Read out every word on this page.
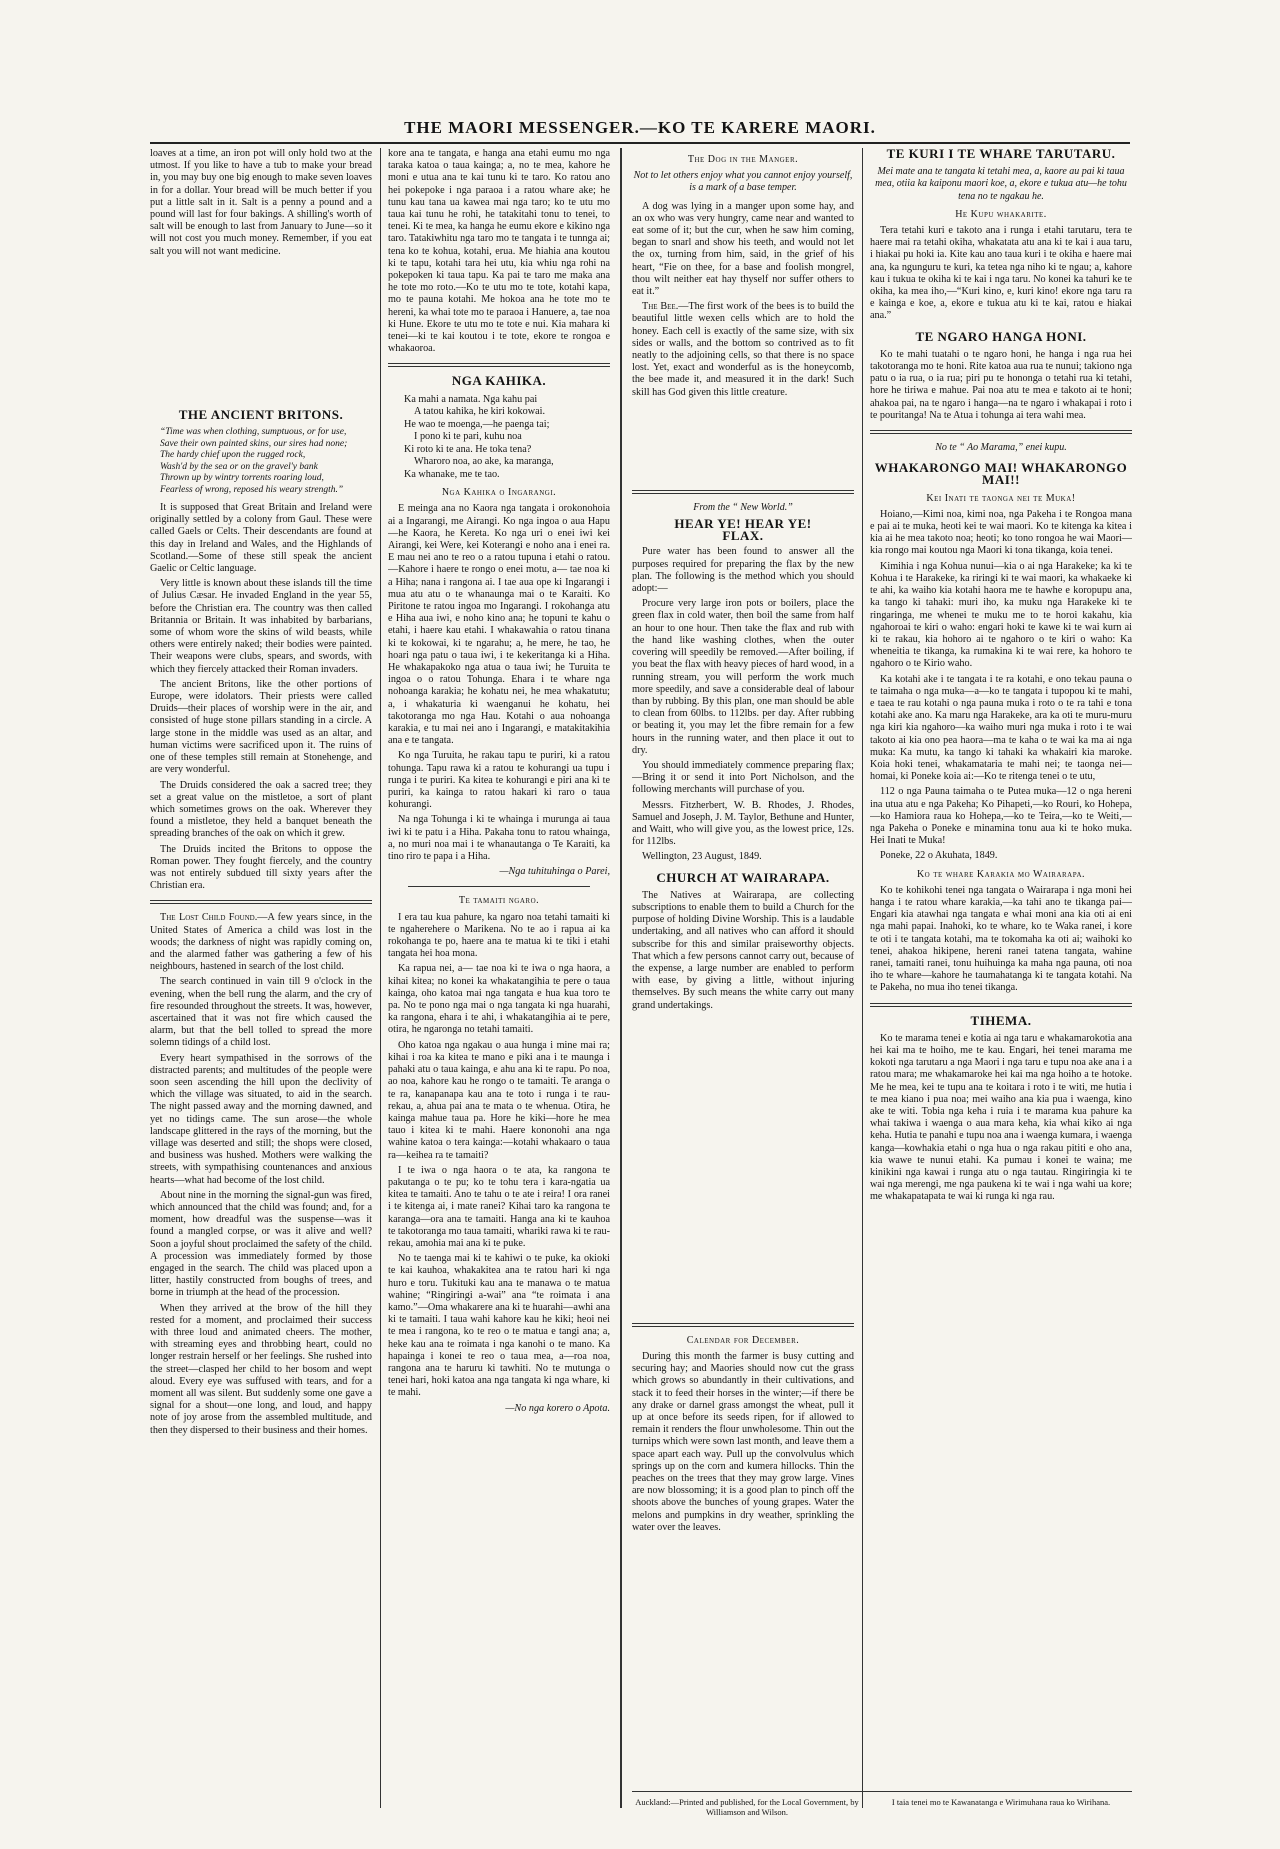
THE MAORI MESSENGER.—KO TE KARERE MAORI.

loaves at a time, an iron pot will only hold two at the utmost. If you like to have a tub to make your bread in, you may buy one big enough to make seven loaves in for a dollar. Your bread will be much better if you put a little salt in it. Salt is a penny a pound and a pound will last for four bakings. A shilling's worth of salt will be enough to last from January to June—so it will not cost you much money. Remember, if you eat salt you will not want medicine.

THE ANCIENT BRITONS.
“Time was when clothing, sumptuous, or for use,
Save their own painted skins, our sires had none;
The hardy chief upon the rugged rock,
Wash'd by the sea or on the gravel'y bank
Thrown up by wintry torrents roaring loud,
Fearless of wrong, reposed his weary strength.”

It is supposed that Great Britain and Ireland were originally settled by a colony from Gaul. These were called Gaels or Celts. Their descendants are found at this day in Ireland and Wales, and the Highlands of Scotland.—Some of these still speak the ancient Gaelic or Celtic language.

Very little is known about these islands till the time of Julius Cæsar. He invaded England in the year 55, before the Christian era. The country was then called Britannia or Britain. It was inhabited by barbarians, some of whom wore the skins of wild beasts, while others were entirely naked; their bodies were painted. Their weapons were clubs, spears, and swords, with which they fiercely attacked their Roman invaders.

The ancient Britons, like the other portions of Europe, were idolators. Their priests were called Druids—their places of worship were in the air, and consisted of huge stone pillars standing in a circle. A large stone in the middle was used as an altar, and human victims were sacrificed upon it. The ruins of one of these temples still remain at Stonehenge, and are very wonderful.

The Druids considered the oak a sacred tree; they set a great value on the mistletoe, a sort of plant which sometimes grows on the oak. Wherever they found a mistletoe, they held a banquet beneath the spreading branches of the oak on which it grew.

The Druids incited the Britons to oppose the Roman power. They fought fiercely, and the country was not entirely subdued till sixty years after the Christian era.

The Lost Child Found.—A few years since, in the United States of America a child was lost in the woods; the darkness of night was rapidly coming on, and the alarmed father was gathering a few of his neighbours, hastened in search of the lost child.

The search continued in vain till 9 o'clock in the evening, when the bell rung the alarm, and the cry of fire resounded throughout the streets. It was, however, ascertained that it was not fire which caused the alarm, but that the bell tolled to spread the more solemn tidings of a child lost.

Every heart sympathised in the sorrows of the distracted parents; and multitudes of the people were soon seen ascending the hill upon the declivity of which the village was situated, to aid in the search. The night passed away and the morning dawned, and yet no tidings came. The sun arose—the whole landscape glittered in the rays of the morning, but the village was deserted and still; the shops were closed, and business was hushed. Mothers were walking the streets, with sympathising countenances and anxious hearts—what had become of the lost child.

About nine in the morning the signal-gun was fired, which announced that the child was found; and, for a moment, how dreadful was the suspense—was it found a mangled corpse, or was it alive and well? Soon a joyful shout proclaimed the safety of the child. A procession was immediately formed by those engaged in the search. The child was placed upon a litter, hastily constructed from boughs of trees, and borne in triumph at the head of the procession.

When they arrived at the brow of the hill they rested for a moment, and proclaimed their success with three loud and animated cheers. The mother, with streaming eyes and throbbing heart, could no longer restrain herself or her feelings. She rushed into the street—clasped her child to her bosom and wept aloud. Every eye was suffused with tears, and for a moment all was silent. But suddenly some one gave a signal for a shout—one long, and loud, and happy note of joy arose from the assembled multitude, and then they dispersed to their business and their homes.

kore ana te tangata, e hanga ana etahi eumu mo nga taraka katoa o taua kainga; a, no te mea, kahore he moni e utua ana te kai tunu ki te taro. Ko ratou ano hei pokepoke i nga paraoa i a ratou whare ake; he tunu kau tana ua kawea mai nga taro; ko te utu mo taua kai tunu he rohi, he tatakitahi tonu to tenei, to tenei. Ki te mea, ka hanga he eumu ekore e kikino nga taro. Tatakiwhitu nga taro mo te tangata i te tunnga ai; tena ko te kohua, kotahi, erua. Me hiahia ana koutou ki te tapu, kotahi tara hei utu, kia whiu nga rohi na pokepoken ki taua tapu. Ka pai te taro me maka ana he tote mo roto.—Ko te utu mo te tote, kotahi kapa, mo te pauna kotahi. Me hokoa ana he tote mo te hereni, ka whai tote mo te paraoa i Hanuere, a, tae noa ki Hune. Ekore te utu mo te tote e nui. Kia mahara ki tenei—ki te kai koutou i te tote, ekore te rongoa e whakaoroa.

NGA KAHIKA.
Ka mahi a namata. Nga kahu pai
A tatou kahika, he kiri kokowai.
He wao te moenga,—he paenga tai;
I pono ki te pari, kuhu noa
Ki roto ki te ana. He toka tena?
Wharoro noa, ao ake, ka maranga,
Ka whanake, me te tao.
Nga Kahika o Ingarangi.

E meinga ana no Kaora nga tangata i orokonohoia ai a Ingarangi, me Airangi. Ko nga ingoa o aua Hapu—he Kaora, he Kereta. Ko nga uri o enei iwi kei Airangi, kei Were, kei Koterangi e noho ana i enei ra. E mau nei ano te reo o a ratou tupuna i etahi o ratou.—Kahore i haere te rongo o enei motu, a— tae noa ki a Hiha; nana i rangona ai. I tae aua ope ki Ingarangi i mua atu atu o te whanaunga mai o te Karaiti. Ko Piritone te ratou ingoa mo Ingarangi. I rokohanga atu e Hiha aua iwi, e noho kino ana; he topuni te kahu o etahi, i haere kau etahi. I whakawahia o ratou tinana ki te kokowai, ki te ngarahu; a, he mere, he tao, he hoari nga patu o taua iwi, i te kekeritanga ki a Hiha. He whakapakoko nga atua o taua iwi; he Turuita te ingoa o o ratou Tohunga. Ehara i te whare nga nohoanga karakia; he kohatu nei, he mea whakatutu; a, i whakaturia ki waenganui he kohatu, hei takotoranga mo nga Hau. Kotahi o aua nohoanga karakia, e tu mai nei ano i Ingarangi, e matakitakihia ana e te tangata.

Ko nga Turuita, he rakau tapu te puriri, ki a ratou tohunga. Tapu rawa ki a ratou te kohurangi ua tupu i runga i te puriri. Ka kitea te kohurangi e piri ana ki te puriri, ka kainga to ratou hakari ki raro o taua kohurangi.

Na nga Tohunga i ki te whainga i murunga ai taua iwi ki te patu i a Hiha. Pakaha tonu to ratou whainga, a, no muri noa mai i te whanautanga o Te Karaiti, ka tino riro te papa i a Hiha.

—Nga tuhituhinga o Parei,
Te tamaiti ngaro.

I era tau kua pahure, ka ngaro noa tetahi tamaiti ki te ngaherehere o Marikena. No te ao i rapua ai ka rokohanga te po, haere ana te matua ki te tiki i etahi tangata hei hoa mona.

Ka rapua nei, a— tae noa ki te iwa o nga haora, a kihai kitea; no konei ka whakatangihia te pere o taua kainga, oho katoa mai nga tangata e hua kua toro te pa. No te pono nga mai o nga tangata ki nga huarahi, ka rangona, ehara i te ahi, i whakatangihia ai te pere, otira, he ngaronga no tetahi tamaiti.

Oho katoa nga ngakau o aua hunga i mine mai ra; kihai i roa ka kitea te mano e piki ana i te maunga i pahaki atu o taua kainga, e ahu ana ki te rapu. Po noa, ao noa, kahore kau he rongo o te tamaiti. Te aranga o te ra, kanapanapa kau ana te toto i runga i te rau-rekau, a, ahua pai ana te mata o te whenua. Otira, he kainga mahue taua pa. Hore he kiki—hore he mea tauo i kitea ki te mahi. Haere kononohi ana nga wahine katoa o tera kainga:—kotahi whakaaro o taua ra—keihea ra te tamaiti?

I te iwa o nga haora o te ata, ka rangona te pakutanga o te pu; ko te tohu tera i kara-ngatia ua kitea te tamaiti. Ano te tahu o te ate i reira! I ora ranei i te kitenga ai, i mate ranei? Kihai taro ka rangona te karanga—ora ana te tamaiti. Hanga ana ki te kauhoa te takotoranga mo taua tamaiti, whariki rawa ki te rau-rekau, amohia mai ana ki te puke.

No te taenga mai ki te kahiwi o te puke, ka okioki te kai kauhoa, whakakitea ana te ratou hari ki nga huro e toru. Tukituki kau ana te manawa o te matua wahine; “Ringiringi a-wai” ana “te roimata i ana kamo.”—Oma whakarere ana ki te huarahi—awhi ana ki te tamaiti. I taua wahi kahore kau he kiki; heoi nei te mea i rangona, ko te reo o te matua e tangi ana; a, heke kau ana te roimata i nga kanohi o te mano. Ka hapainga i konei te reo o taua mea, a—roa noa, rangona ana te haruru ki tawhiti. No te mutunga o tenei hari, hoki katoa ana nga tangata ki nga whare, ki te mahi.

—No nga korero o Apota.
The Dog in the Manger.
Not to let others enjoy what you cannot enjoy yourself, is a mark of a base temper.

A dog was lying in a manger upon some hay, and an ox who was very hungry, came near and wanted to eat some of it; but the cur, when he saw him coming, began to snarl and show his teeth, and would not let the ox, turning from him, said, in the grief of his heart, “Fie on thee, for a base and foolish mongrel, thou wilt neither eat hay thyself nor suffer others to eat it.”

The Bee.—The first work of the bees is to build the beautiful little wexen cells which are to hold the honey. Each cell is exactly of the same size, with six sides or walls, and the bottom so contrived as to fit neatly to the adjoining cells, so that there is no space lost. Yet, exact and wonderful as is the honeycomb, the bee made it, and measured it in the dark! Such skill has God given this little creature.

From the “ New World.”
HEAR YE! HEAR YE!
FLAX.

Pure water has been found to answer all the purposes required for preparing the flax by the new plan. The following is the method which you should adopt:—

Procure very large iron pots or boilers, place the green flax in cold water, then boil the same from half an hour to one hour. Then take the flax and rub with the hand like washing clothes, when the outer covering will speedily be removed.—After boiling, if you beat the flax with heavy pieces of hard wood, in a running stream, you will perform the work much more speedily, and save a considerable deal of labour than by rubbing. By this plan, one man should be able to clean from 60lbs. to 112lbs. per day. After rubbing or beating it, you may let the fibre remain for a few hours in the running water, and then place it out to dry.

You should immediately commence preparing flax;—Bring it or send it into Port Nicholson, and the following merchants will purchase of you.

Messrs. Fitzherbert, W. B. Rhodes, J. Rhodes, Samuel and Joseph, J. M. Taylor, Bethune and Hunter, and Waitt, who will give you, as the lowest price, 12s. for 112lbs.

Wellington, 23 August, 1849.

CHURCH AT WAIRARAPA.

The Natives at Wairarapa, are collecting subscriptions to enable them to build a Church for the purpose of holding Divine Worship. This is a laudable undertaking, and all natives who can afford it should subscribe for this and similar praiseworthy objects. That which a few persons cannot carry out, because of the expense, a large number are enabled to perform with ease, by giving a little, without injuring themselves. By such means the white carry out many grand undertakings.

Calendar for December.

During this month the farmer is busy cutting and securing hay; and Maories should now cut the grass which grows so abundantly in their cultivations, and stack it to feed their horses in the winter;—if there be any drake or darnel grass amongst the wheat, pull it up at once before its seeds ripen, for if allowed to remain it renders the flour unwholesome. Thin out the turnips which were sown last month, and leave them a space apart each way. Pull up the convolvulus which springs up on the corn and kumera hillocks. Thin the peaches on the trees that they may grow large. Vines are now blossoming; it is a good plan to pinch off the shoots above the bunches of young grapes. Water the melons and pumpkins in dry weather, sprinkling the water over the leaves.

TE KURI I TE WHARE TARUTARU.
Mei mate ana te tangata ki tetahi mea, a, kaore au pai ki taua mea, otiia ka kaiponu maori koe, a, ekore e tukua atu—he tohu tena no te ngakau he.
He Kupu whakarite.

Tera tetahi kuri e takoto ana i runga i etahi tarutaru, tera te haere mai ra tetahi okiha, whakatata atu ana ki te kai i aua taru, i hiakai pu hoki ia. Kite kau ano taua kuri i te okiha e haere mai ana, ka ngunguru te kuri, ka tetea nga niho ki te ngau; a, kahore kau i tukua te okiha ki te kai i nga taru. No konei ka tahuri ke te okiha, ka mea iho,—“Kuri kino, e, kuri kino! ekore nga taru ra e kainga e koe, a, ekore e tukua atu ki te kai, ratou e hiakai ana.”

TE NGARO HANGA HONI.

Ko te mahi tuatahi o te ngaro honi, he hanga i nga rua hei takotoranga mo te honi. Rite katoa aua rua te nunui; takiono nga patu o ia rua, o ia rua; piri pu te hononga o tetahi rua ki tetahi, hore he tiriwa e mahue. Pai noa atu te mea e takoto ai te honi; ahakoa pai, na te ngaro i hanga—na te ngaro i whakapai i roto i te pouritanga! Na te Atua i tohunga ai tera wahi mea.

No te “ Ao Marama,” enei kupu.
WHAKARONGO MAI! WHAKARONGO MAI!!
Kei Inati te taonga nei te Muka!

Hoiano,—Kimi noa, kimi noa, nga Pakeha i te Rongoa mana e pai ai te muka, heoti kei te wai maori. Ko te kitenga ka kitea i kia ai he mea takoto noa; heoti; ko tono rongoa he wai Maori—kia rongo mai koutou nga Maori ki tona tikanga, koia tenei.

Kimihia i nga Kohua nunui—kia o ai nga Harakeke; ka ki te Kohua i te Harakeke, ka riringi ki te wai maori, ka whakaeke ki te ahi, ka waiho kia kotahi haora me te hawhe e koropupu ana, ka tango ki tahaki: muri iho, ka muku nga Harakeke ki te ringaringa, me whenei te muku me to te horoi kakahu, kia ngahoroai te kiri o waho: engari hoki te kawe ki te wai kurn ai ki te rakau, kia hohoro ai te ngahoro o te kiri o waho: Ka wheneitia te tikanga, ka rumakina ki te wai rere, ka hohoro te ngahoro o te Kirio waho.

Ka kotahi ake i te tangata i te ra kotahi, e ono tekau pauna o te taimaha o nga muka—a—ko te tangata i tupopou ki te mahi, e taea te rau kotahi o nga pauna muka i roto o te ra tahi e tona kotahi ake ano. Ka maru nga Harakeke, ara ka oti te muru-muru nga kiri kia ngahoro—ka waiho muri nga muka i roto i te wai takoto ai kia ono pea haora—ma te kaha o te wai ka ma ai nga muka: Ka mutu, ka tango ki tahaki ka whakairi kia maroke. Koia hoki tenei, whakamataria te mahi nei; te taonga nei—homai, ki Poneke koia ai:—Ko te ritenga tenei o te utu,

112 o nga Pauna taimaha o te Putea muka—12 o nga hereni ina utua atu e nga Pakeha; Ko Pihapeti,—ko Rouri, ko Hohepa,—ko Hamiora raua ko Hohepa,—ko te Teira,—ko te Weiti,—nga Pakeha o Poneke e minamina tonu aua ki te hoko muka. Hei Inati te Muka!

Poneke, 22 o Akuhata, 1849.

Ko te whare Karakia mo Wairarapa.

Ko te kohikohi tenei nga tangata o Wairarapa i nga moni hei hanga i te ratou whare karakia,—ka tahi ano te tikanga pai—Engari kia atawhai nga tangata e whai moni ana kia oti ai eni nga mahi papai. Inahoki, ko te whare, ko te Waka ranei, i kore te oti i te tangata kotahi, ma te tokomaha ka oti ai; waihoki ko tenei, ahakoa hikipene, hereni ranei tatena tangata, wahine ranei, tamaiti ranei, tonu huihuinga ka maha nga pauna, oti noa iho te whare—kahore he taumahatanga ki te tangata kotahi. Na te Pakeha, no mua iho tenei tikanga.

TIHEMA.

Ko te marama tenei e kotia ai nga taru e whakamarokotia ana hei kai ma te hoiho, me te kau. Engari, hei tenei marama me kokoti nga tarutaru a nga Maori i nga taru e tupu noa ake ana i a ratou mara; me whakamaroke hei kai ma nga hoiho a te hotoke. Me he mea, kei te tupu ana te koitara i roto i te witi, me hutia i te mea kiano i pua noa; mei waiho ana kia pua i waenga, kino ake te witi. Tobia nga keha i ruia i te marama kua pahure ka whai takiwa i waenga o aua mara keha, kia whai kiko ai nga keha. Hutia te panahi e tupu noa ana i waenga kumara, i waenga kanga—kowhakia etahi o nga hua o nga rakau pititi e oho ana, kia wawe te nunui etahi. Ka pumau i konei te waina; me kinikini nga kawai i runga atu o nga tautau. Ringiringia ki te wai nga merengi, me nga paukena ki te wai i nga wahi ua kore; me whakapatapata te wai ki runga ki nga rau.

Auckland:—Printed and published, for the Local Government, by Williamson and Wilson.
I taia tenei mo te Kawanatanga e Wirimuhana raua ko Wirihana.
